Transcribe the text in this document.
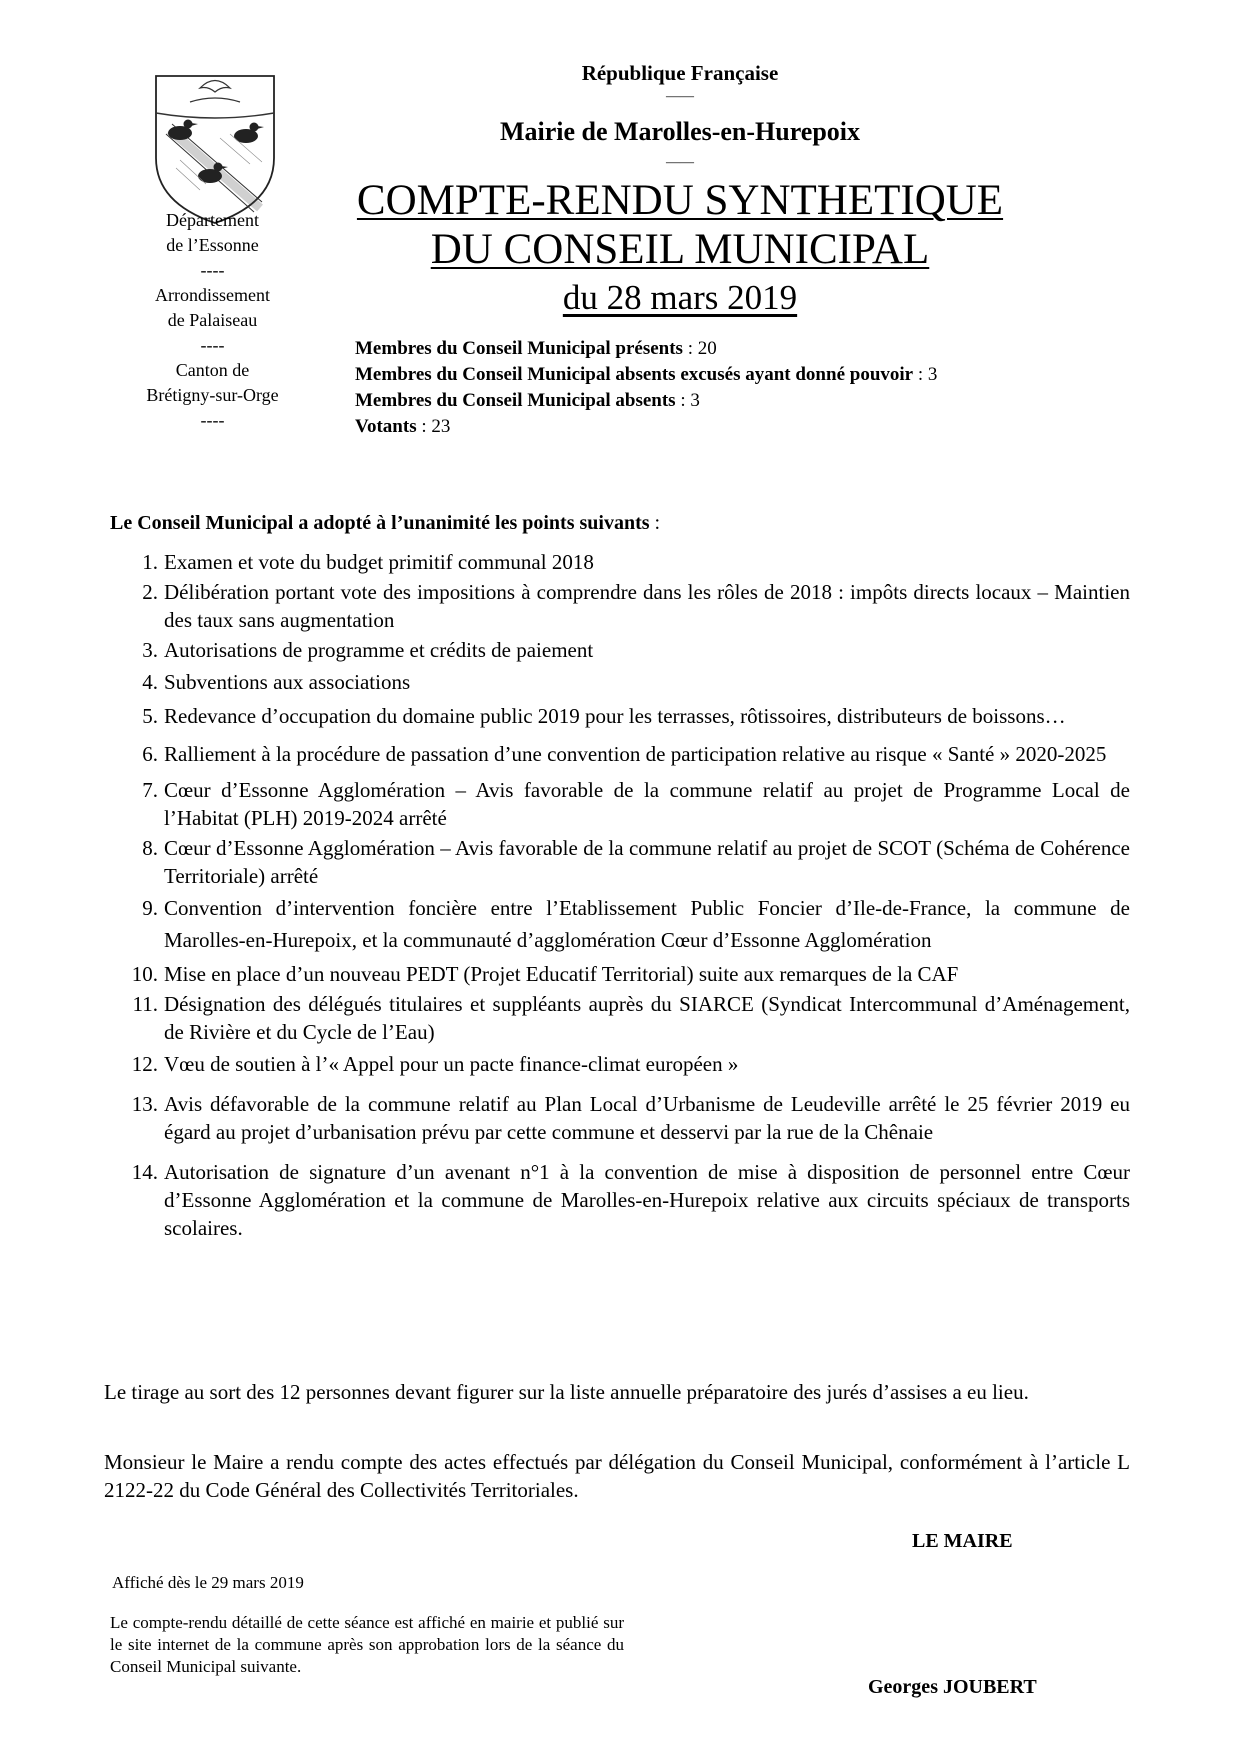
Département
de l’Essonne
----
Arrondissement
de Palaiseau
----
Canton de
Brétigny-sur-Orge
----
République Française
——
Mairie de Marolles-en-Hurepoix
——
COMPTE-RENDU SYNTHETIQUE
DU CONSEIL MUNICIPAL
du 28 mars 2019
Membres du Conseil Municipal présents : 20
Membres du Conseil Municipal absents excusés ayant donné pouvoir : 3
Membres du Conseil Municipal absents : 3
Votants : 23
Le Conseil Municipal a adopté à l’unanimité les points suivants :
1. Examen et vote du budget primitif communal 2018
2. Délibération portant vote des impositions à comprendre dans les rôles de 2018 : impôts directs locaux – Maintien des taux sans augmentation
3. Autorisations de programme et crédits de paiement
4. Subventions aux associations
5. Redevance d’occupation du domaine public 2019 pour les terrasses, rôtissoires, distributeurs de boissons…
6. Ralliement à la procédure de passation d’une convention de participation relative au risque « Santé » 2020-2025
7. Cœur d’Essonne Agglomération – Avis favorable de la commune relatif au projet de Programme Local de l’Habitat (PLH) 2019-2024 arrêté
8. Cœur d’Essonne Agglomération – Avis favorable de la commune relatif au projet de SCOT (Schéma de Cohérence Territoriale) arrêté
9. Convention d’intervention foncière entre l’Etablissement Public Foncier d’Ile-de-France, la commune de Marolles-en-Hurepoix, et la communauté d’agglomération Cœur d’Essonne Agglomération
10. Mise en place d’un nouveau PEDT (Projet Educatif Territorial) suite aux remarques de la CAF
11. Désignation des délégués titulaires et suppléants auprès du SIARCE (Syndicat Intercommunal d’Aménagement, de Rivière et du Cycle de l’Eau)
12. Vœu de soutien à l’« Appel pour un pacte finance-climat européen »
13. Avis défavorable de la commune relatif au Plan Local d’Urbanisme de Leudeville arrêté le 25 février 2019 eu égard au projet d’urbanisation prévu par cette commune et desservi par la rue de la Chênaie
14. Autorisation de signature d’un avenant n°1 à la convention de mise à disposition de personnel entre Cœur d’Essonne Agglomération et la commune de Marolles-en-Hurepoix relative aux circuits spéciaux de transports scolaires.
Le tirage au sort des 12 personnes devant figurer sur la liste annuelle préparatoire des jurés d’assises a eu lieu.
Monsieur le Maire a rendu compte des actes effectués par délégation du Conseil Municipal, conformément à l’article L 2122-22 du Code Général des Collectivités Territoriales.
LE MAIRE
Georges JOUBERT
Affiché dès le 29 mars 2019
Le compte-rendu détaillé de cette séance est affiché en mairie et publié sur le site internet de la commune après son approbation lors de la séance du Conseil Municipal suivante.
